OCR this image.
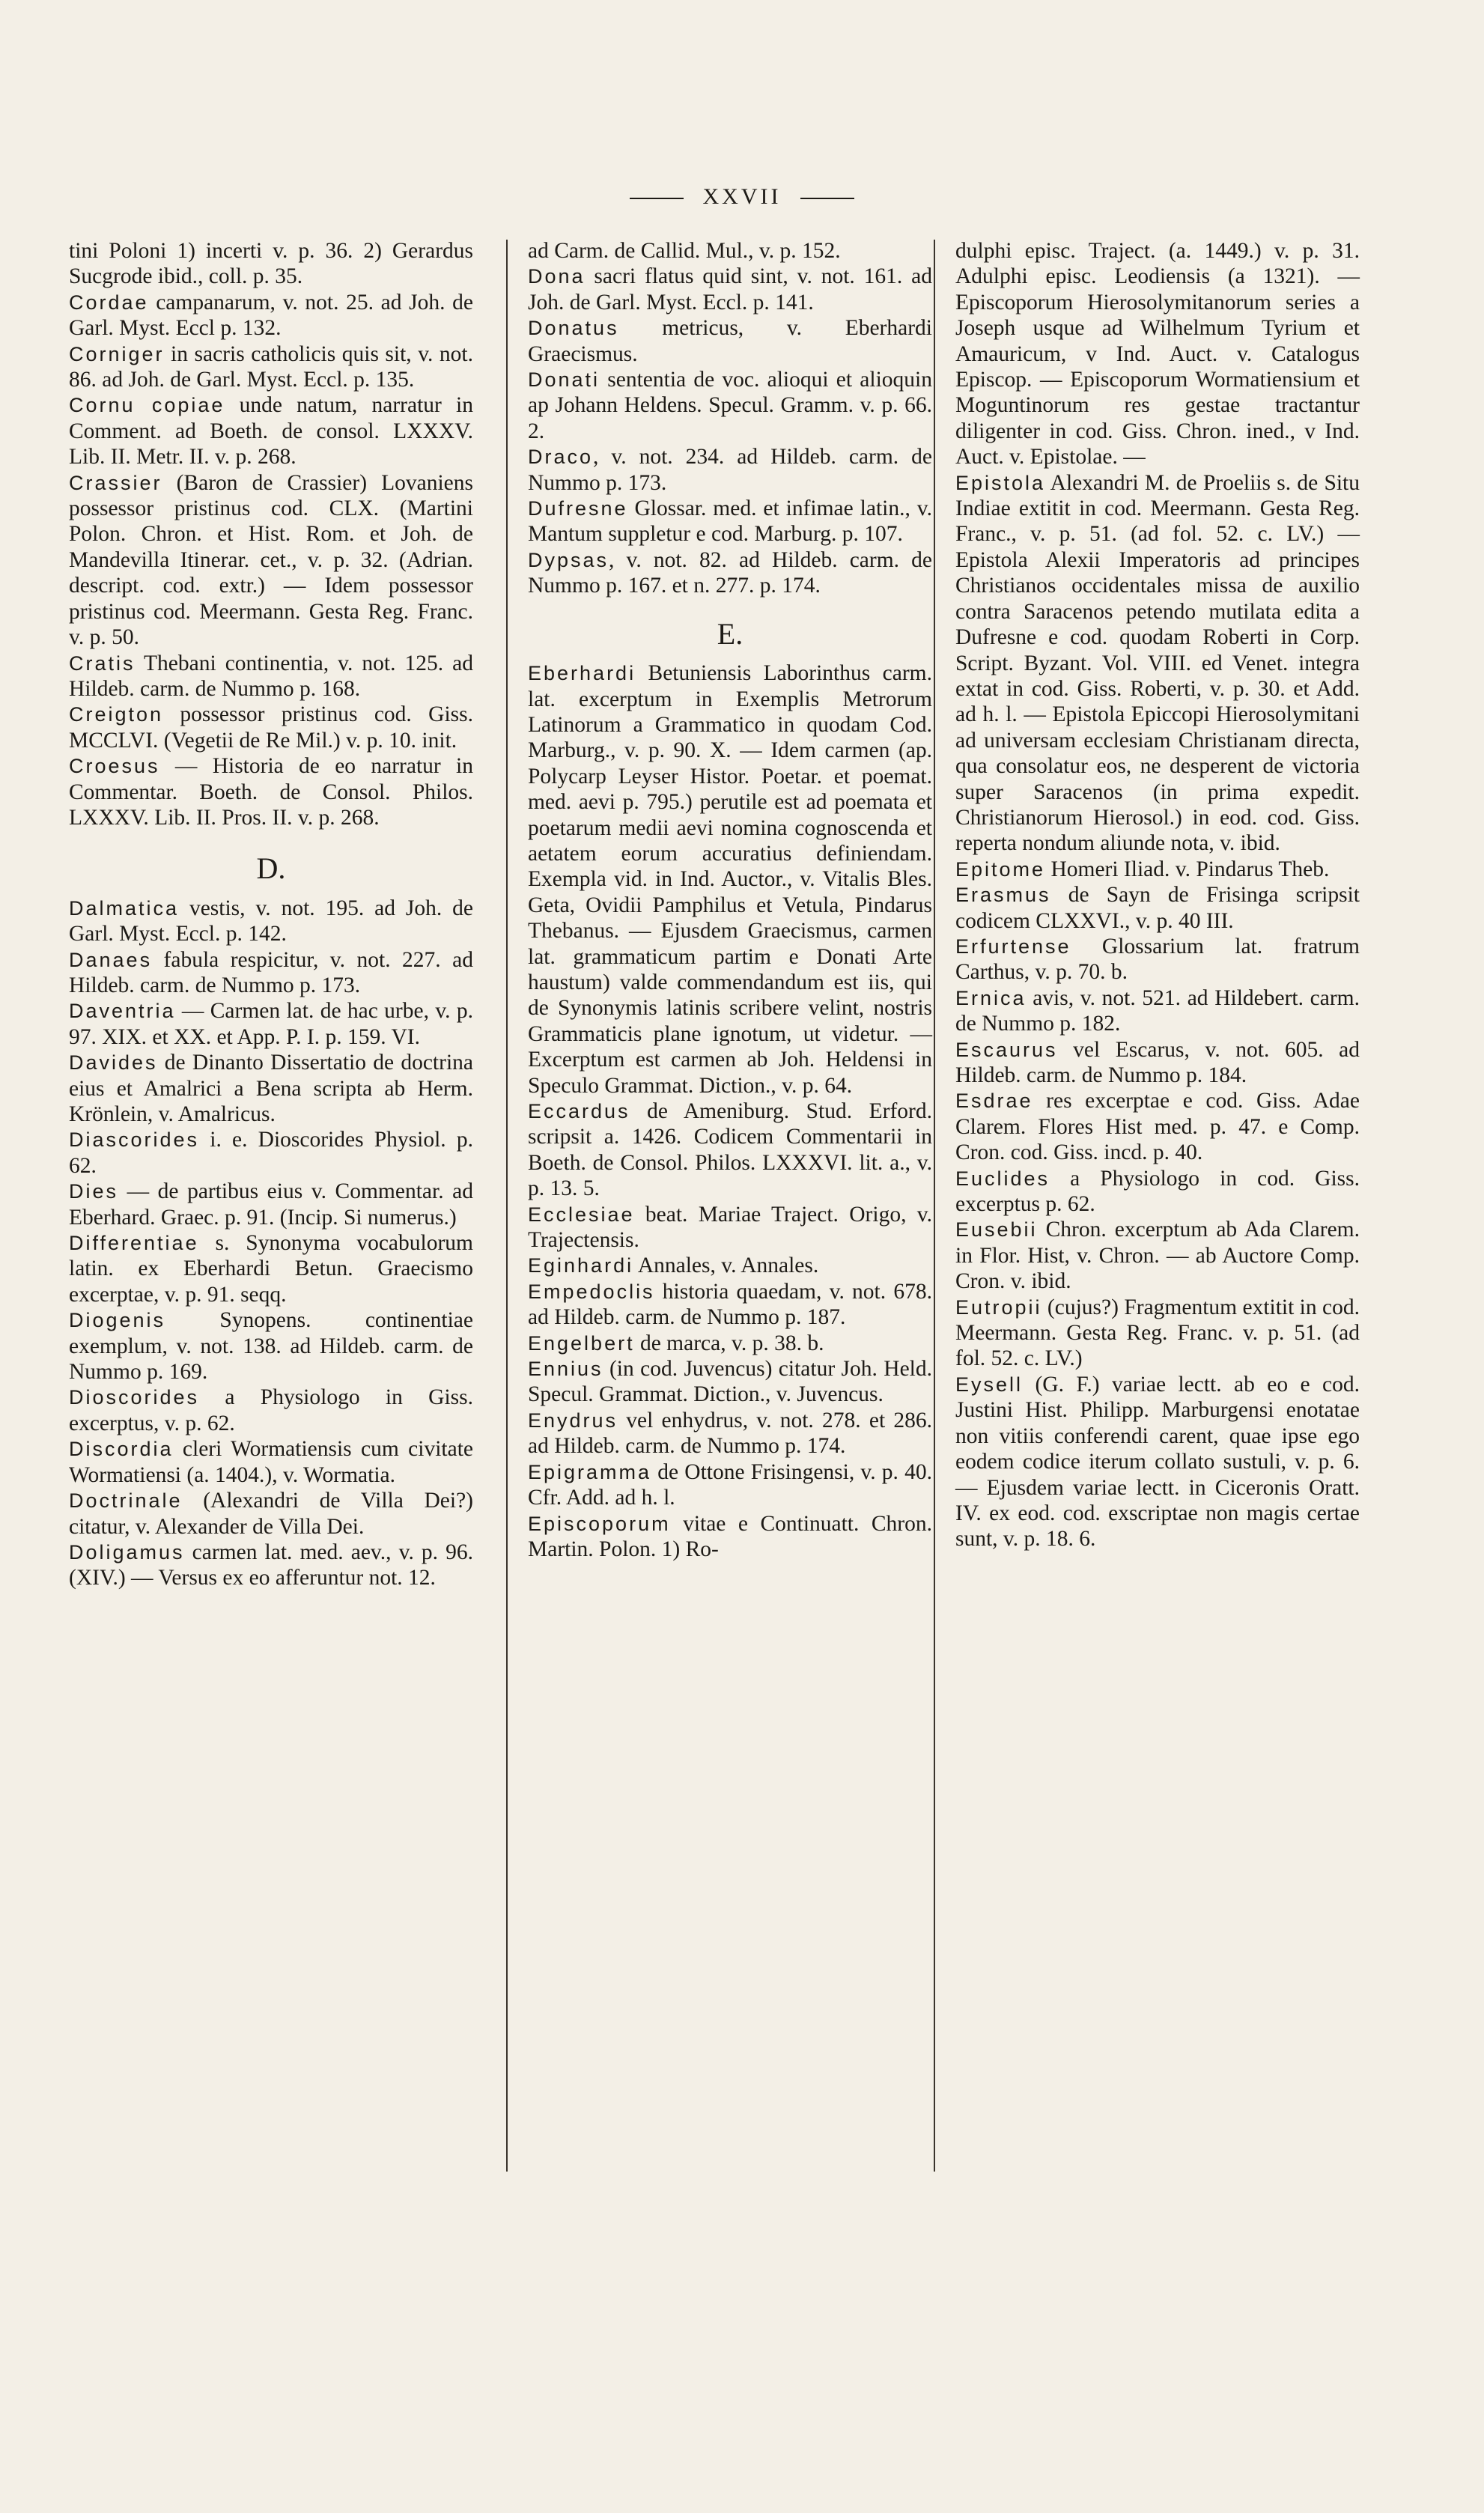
XXVII

tini Poloni 1) incerti v. p. 36. 2) Gerardus Sucgrode ibid., coll. p. 35.

Cordae campanarum, v. not. 25. ad Joh. de Garl. Myst. Eccl p. 132.

Corniger in sacris catholicis quis sit, v. not. 86. ad Joh. de Garl. Myst. Eccl. p. 135.

Cornu copiae unde natum, narratur in Comment. ad Boeth. de consol. LXXXV. Lib. II. Metr. II. v. p. 268.

Crassier (Baron de Crassier) Lovaniens possessor pristinus cod. CLX. (Martini Polon. Chron. et Hist. Rom. et Joh. de Mandevilla Itinerar. cet., v. p. 32. (Adrian. descript. cod. extr.) — Idem possessor pristinus cod. Meermann. Gesta Reg. Franc. v. p. 50.

Cratis Thebani continentia, v. not. 125. ad Hildeb. carm. de Nummo p. 168.

Creigton possessor pristinus cod. Giss. MCCLVI. (Vegetii de Re Mil.) v. p. 10. init.

Croesus — Historia de eo narratur in Commentar. Boeth. de Consol. Philos. LXXXV. Lib. II. Pros. II. v. p. 268.

D.

Dalmatica vestis, v. not. 195. ad Joh. de Garl. Myst. Eccl. p. 142.

Danaes fabula respicitur, v. not. 227. ad Hildeb. carm. de Nummo p. 173.

Daventria — Carmen lat. de hac urbe, v. p. 97. XIX. et XX. et App. P. I. p. 159. VI.

Davides de Dinanto Dissertatio de doctrina eius et Amalrici a Bena scripta ab Herm. Krönlein, v. Amalricus.

Diascorides i. e. Dioscorides Physiol. p. 62.

Dies — de partibus eius v. Commentar. ad Eberhard. Graec. p. 91. (Incip. Si numerus.)

Differentiae s. Synonyma vocabulorum latin. ex Eberhardi Betun. Graecismo excerptae, v. p. 91. seqq.

Diogenis Synopens. continentiae exemplum, v. not. 138. ad Hildeb. carm. de Nummo p. 169.

Dioscorides a Physiologo in Giss. excerptus, v. p. 62.

Discordia cleri Wormatiensis cum civitate Wormatiensi (a. 1404.), v. Wormatia.

Doctrinale (Alexandri de Villa Dei?) citatur, v. Alexander de Villa Dei.

Doligamus carmen lat. med. aev., v. p. 96. (XIV.) — Versus ex eo afferuntur not. 12.

ad Carm. de Callid. Mul., v. p. 152.

Dona sacri flatus quid sint, v. not. 161. ad Joh. de Garl. Myst. Eccl. p. 141.

Donatus metricus, v. Eberhardi Graecismus.

Donati sententia de voc. alioqui et alioquin ap Johann Heldens. Specul. Gramm. v. p. 66. 2.

Draco, v. not. 234. ad Hildeb. carm. de Nummo p. 173.

Dufresne Glossar. med. et infimae latin., v. Mantum suppletur e cod. Marburg. p. 107.

Dypsas, v. not. 82. ad Hildeb. carm. de Nummo p. 167. et n. 277. p. 174.

E.

Eberhardi Betuniensis Laborinthus carm. lat. excerptum in Exemplis Metrorum Latinorum a Grammatico in quodam Cod. Marburg., v. p. 90. X. — Idem carmen (ap. Polycarp Leyser Histor. Poetar. et poemat. med. aevi p. 795.) perutile est ad poemata et poetarum medii aevi nomina cognoscenda et aetatem eorum accuratius definiendam. Exempla vid. in Ind. Auctor., v. Vitalis Bles. Geta, Ovidii Pamphilus et Vetula, Pindarus Thebanus. — Ejusdem Graecismus, carmen lat. grammaticum partim e Donati Arte haustum) valde commendandum est iis, qui de Synonymis latinis scribere velint, nostris Grammaticis plane ignotum, ut videtur. — Excerptum est carmen ab Joh. Heldensi in Speculo Grammat. Diction., v. p. 64.

Eccardus de Ameniburg. Stud. Erford. scripsit a. 1426. Codicem Commentarii in Boeth. de Consol. Philos. LXXXVI. lit. a., v. p. 13. 5.

Ecclesiae beat. Mariae Traject. Origo, v. Trajectensis.

Eginhardi Annales, v. Annales.

Empedoclis historia quaedam, v. not. 678. ad Hildeb. carm. de Nummo p. 187.

Engelbert de marca, v. p. 38. b.

Ennius (in cod. Juvencus) citatur Joh. Held. Specul. Grammat. Diction., v. Juvencus.

Enydrus vel enhydrus, v. not. 278. et 286. ad Hildeb. carm. de Nummo p. 174.

Epigramma de Ottone Frisingensi, v. p. 40. Cfr. Add. ad h. l.

Episcoporum vitae e Continuatt. Chron. Martin. Polon. 1) Ro-

dulphi episc. Traject. (a. 1449.) v. p. 31. Adulphi episc. Leodiensis (a 1321). — Episcoporum Hierosolymitanorum series a Joseph usque ad Wilhelmum Tyrium et Amauricum, v Ind. Auct. v. Catalogus Episcop. — Episcoporum Wormatiensium et Moguntinorum res gestae tractantur diligenter in cod. Giss. Chron. ined., v Ind. Auct. v. Epistolae. —

Epistola Alexandri M. de Proeliis s. de Situ Indiae extitit in cod. Meermann. Gesta Reg. Franc., v. p. 51. (ad fol. 52. c. LV.) — Epistola Alexii Imperatoris ad principes Christianos occidentales missa de auxilio contra Saracenos petendo mutilata edita a Dufresne e cod. quodam Roberti in Corp. Script. Byzant. Vol. VIII. ed Venet. integra extat in cod. Giss. Roberti, v. p. 30. et Add. ad h. l. — Epistola Epiccopi Hierosolymitani ad universam ecclesiam Christianam directa, qua consolatur eos, ne desperent de victoria super Saracenos (in prima expedit. Christianorum Hierosol.) in eod. cod. Giss. reperta nondum aliunde nota, v. ibid.

Epitome Homeri Iliad. v. Pindarus Theb.

Erasmus de Sayn de Frisinga scripsit codicem CLXXVI., v. p. 40 III.

Erfurtense Glossarium lat. fratrum Carthus, v. p. 70. b.

Ernica avis, v. not. 521. ad Hildebert. carm. de Nummo p. 182.

Escaurus vel Escarus, v. not. 605. ad Hildeb. carm. de Nummo p. 184.

Esdrae res excerptae e cod. Giss. Adae Clarem. Flores Hist med. p. 47. e Comp. Cron. cod. Giss. incd. p. 40.

Euclides a Physiologo in cod. Giss. excerptus p. 62.

Eusebii Chron. excerptum ab Ada Clarem. in Flor. Hist, v. Chron. — ab Auctore Comp. Cron. v. ibid.

Eutropii (cujus?) Fragmentum extitit in cod. Meermann. Gesta Reg. Franc. v. p. 51. (ad fol. 52. c. LV.)

Eysell (G. F.) variae lectt. ab eo e cod. Justini Hist. Philipp. Marburgensi enotatae non vitiis conferendi carent, quae ipse ego eodem codice iterum collato sustuli, v. p. 6. — Ejusdem variae lectt. in Ciceronis Oratt. IV. ex eod. cod. exscriptae non magis certae sunt, v. p. 18. 6.
